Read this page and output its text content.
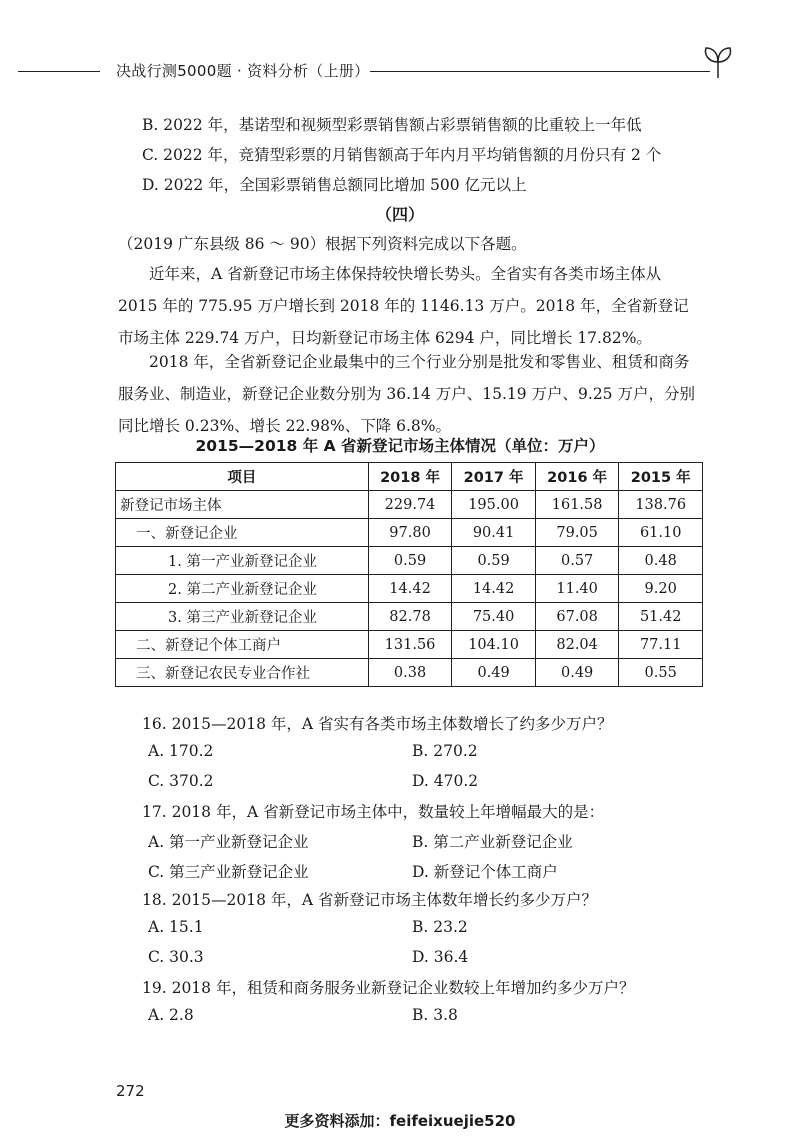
决战行测5000题 · 资料分析（上册）
B. 2022 年，基诺型和视频型彩票销售额占彩票销售额的比重较上一年低
C. 2022 年，竞猜型彩票的月销售额高于年内月平均销售额的月份只有 2 个
D. 2022 年，全国彩票销售总额同比增加 500 亿元以上
（四）
（2019 广东县级 86 ～ 90）根据下列资料完成以下各题。
近年来，A 省新登记市场主体保持较快增长势头。全省实有各类市场主体从 2015 年的 775.95 万户增长到 2018 年的 1146.13 万户。2018 年，全省新登记市场主体 229.74 万户，日均新登记市场主体 6294 户，同比增长 17.82%。
2018 年，全省新登记企业最集中的三个行业分别是批发和零售业、租赁和商务服务业、制造业，新登记企业数分别为 36.14 万户、15.19 万户、9.25 万户，分别同比增长 0.23%、增长 22.98%、下降 6.8%。
2015—2018 年 A 省新登记市场主体情况（单位：万户）
项目	2018 年	2017 年	2016 年	2015 年
新登记市场主体	229.74	195.00	161.58	138.76
一、新登记企业	97.80	90.41	79.05	61.10
1. 第一产业新登记企业	0.59	0.59	0.57	0.48
2. 第二产业新登记企业	14.42	14.42	11.40	9.20
3. 第三产业新登记企业	82.78	75.40	67.08	51.42
二、新登记个体工商户	131.56	104.10	82.04	77.11
三、新登记农民专业合作社	0.38	0.49	0.49	0.55
16. 2015—2018 年，A 省实有各类市场主体数增长了约多少万户？
A. 170.2	B. 270.2
C. 370.2	D. 470.2
17. 2018 年，A 省新登记市场主体中，数量较上年增幅最大的是：
A. 第一产业新登记企业	B. 第二产业新登记企业
C. 第三产业新登记企业	D. 新登记个体工商户
18. 2015—2018 年，A 省新登记市场主体数年增长约多少万户？
A. 15.1	B. 23.2
C. 30.3	D. 36.4
19. 2018 年，租赁和商务服务业新登记企业数较上年增加约多少万户？
A. 2.8	B. 3.8
272
更多资料添加：feifeixuejie520
